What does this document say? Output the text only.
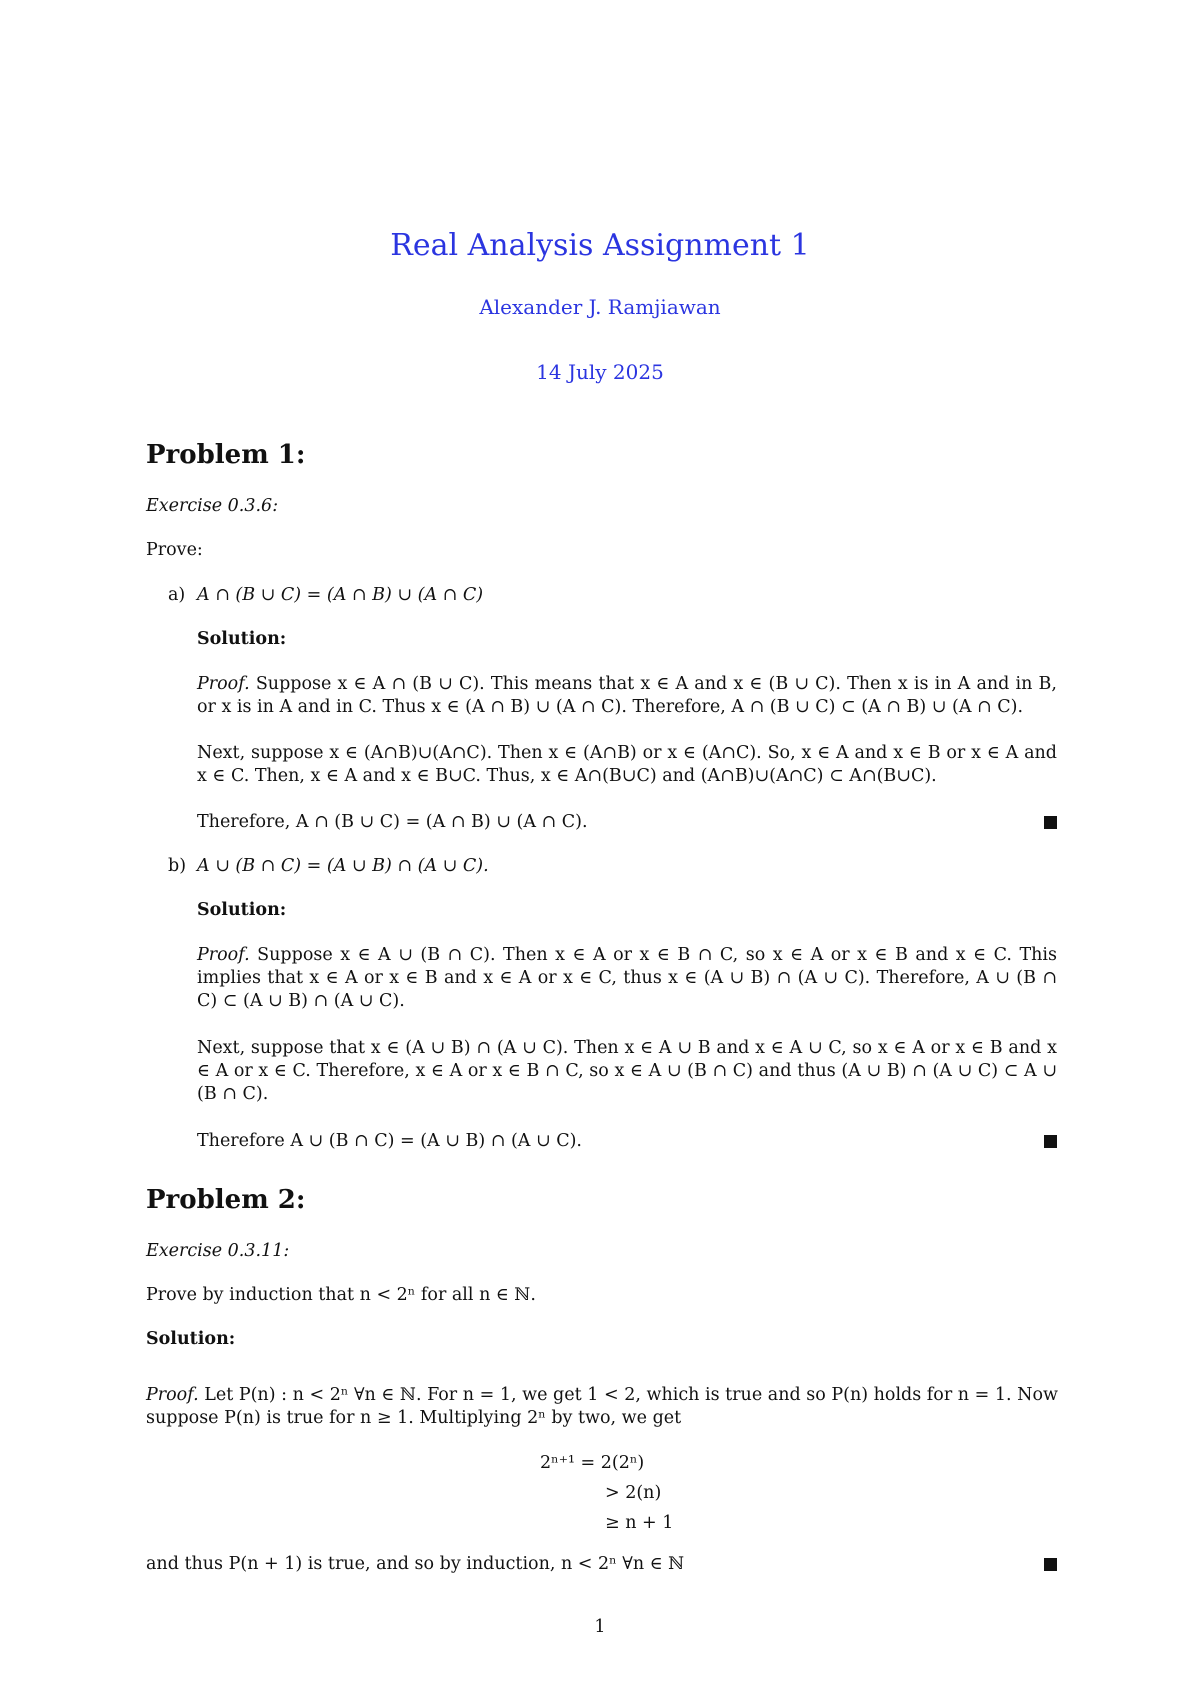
Real Analysis Assignment 1
Alexander J. Ramjiawan
14 July 2025
Problem 1:
Exercise 0.3.6:
Prove:
a) A ∩ (B ∪ C) = (A ∩ B) ∪ (A ∩ C)
Solution:
Proof. Suppose x ∈ A ∩ (B ∪ C). This means that x ∈ A and x ∈ (B ∪ C). Then x is in A and in B, or x is in A and in C. Thus x ∈ (A ∩ B) ∪ (A ∩ C). Therefore, A ∩ (B ∪ C) ⊂ (A ∩ B) ∪ (A ∩ C).
Next, suppose x ∈ (A∩B)∪(A∩C). Then x ∈ (A∩B) or x ∈ (A∩C). So, x ∈ A and x ∈ B or x ∈ A and x ∈ C. Then, x ∈ A and x ∈ B∪C. Thus, x ∈ A∩(B∪C) and (A∩B)∪(A∩C) ⊂ A∩(B∪C).
Therefore, A ∩ (B ∪ C) = (A ∩ B) ∪ (A ∩ C).
b) A ∪ (B ∩ C) = (A ∪ B) ∩ (A ∪ C).
Solution:
Proof. Suppose x ∈ A ∪ (B ∩ C). Then x ∈ A or x ∈ B ∩ C, so x ∈ A or x ∈ B and x ∈ C. This implies that x ∈ A or x ∈ B and x ∈ A or x ∈ C, thus x ∈ (A ∪ B) ∩ (A ∪ C). Therefore, A ∪ (B ∩ C) ⊂ (A ∪ B) ∩ (A ∪ C).
Next, suppose that x ∈ (A ∪ B) ∩ (A ∪ C). Then x ∈ A ∪ B and x ∈ A ∪ C, so x ∈ A or x ∈ B and x ∈ A or x ∈ C. Therefore, x ∈ A or x ∈ B ∩ C, so x ∈ A ∪ (B ∩ C) and thus (A ∪ B) ∩ (A ∪ C) ⊂ A ∪ (B ∩ C).
Therefore A ∪ (B ∩ C) = (A ∪ B) ∩ (A ∪ C).
Problem 2:
Exercise 0.3.11:
Prove by induction that n < 2ⁿ for all n ∈ ℕ.
Solution:
Proof. Let P(n) : n < 2ⁿ ∀n ∈ ℕ. For n = 1, we get 1 < 2, which is true and so P(n) holds for n = 1. Now suppose P(n) is true for n ≥ 1. Multiplying 2ⁿ by two, we get
2ⁿ⁺¹ = 2(2ⁿ)
> 2(n)
≥ n + 1
and thus P(n + 1) is true, and so by induction, n < 2ⁿ ∀n ∈ ℕ
1
